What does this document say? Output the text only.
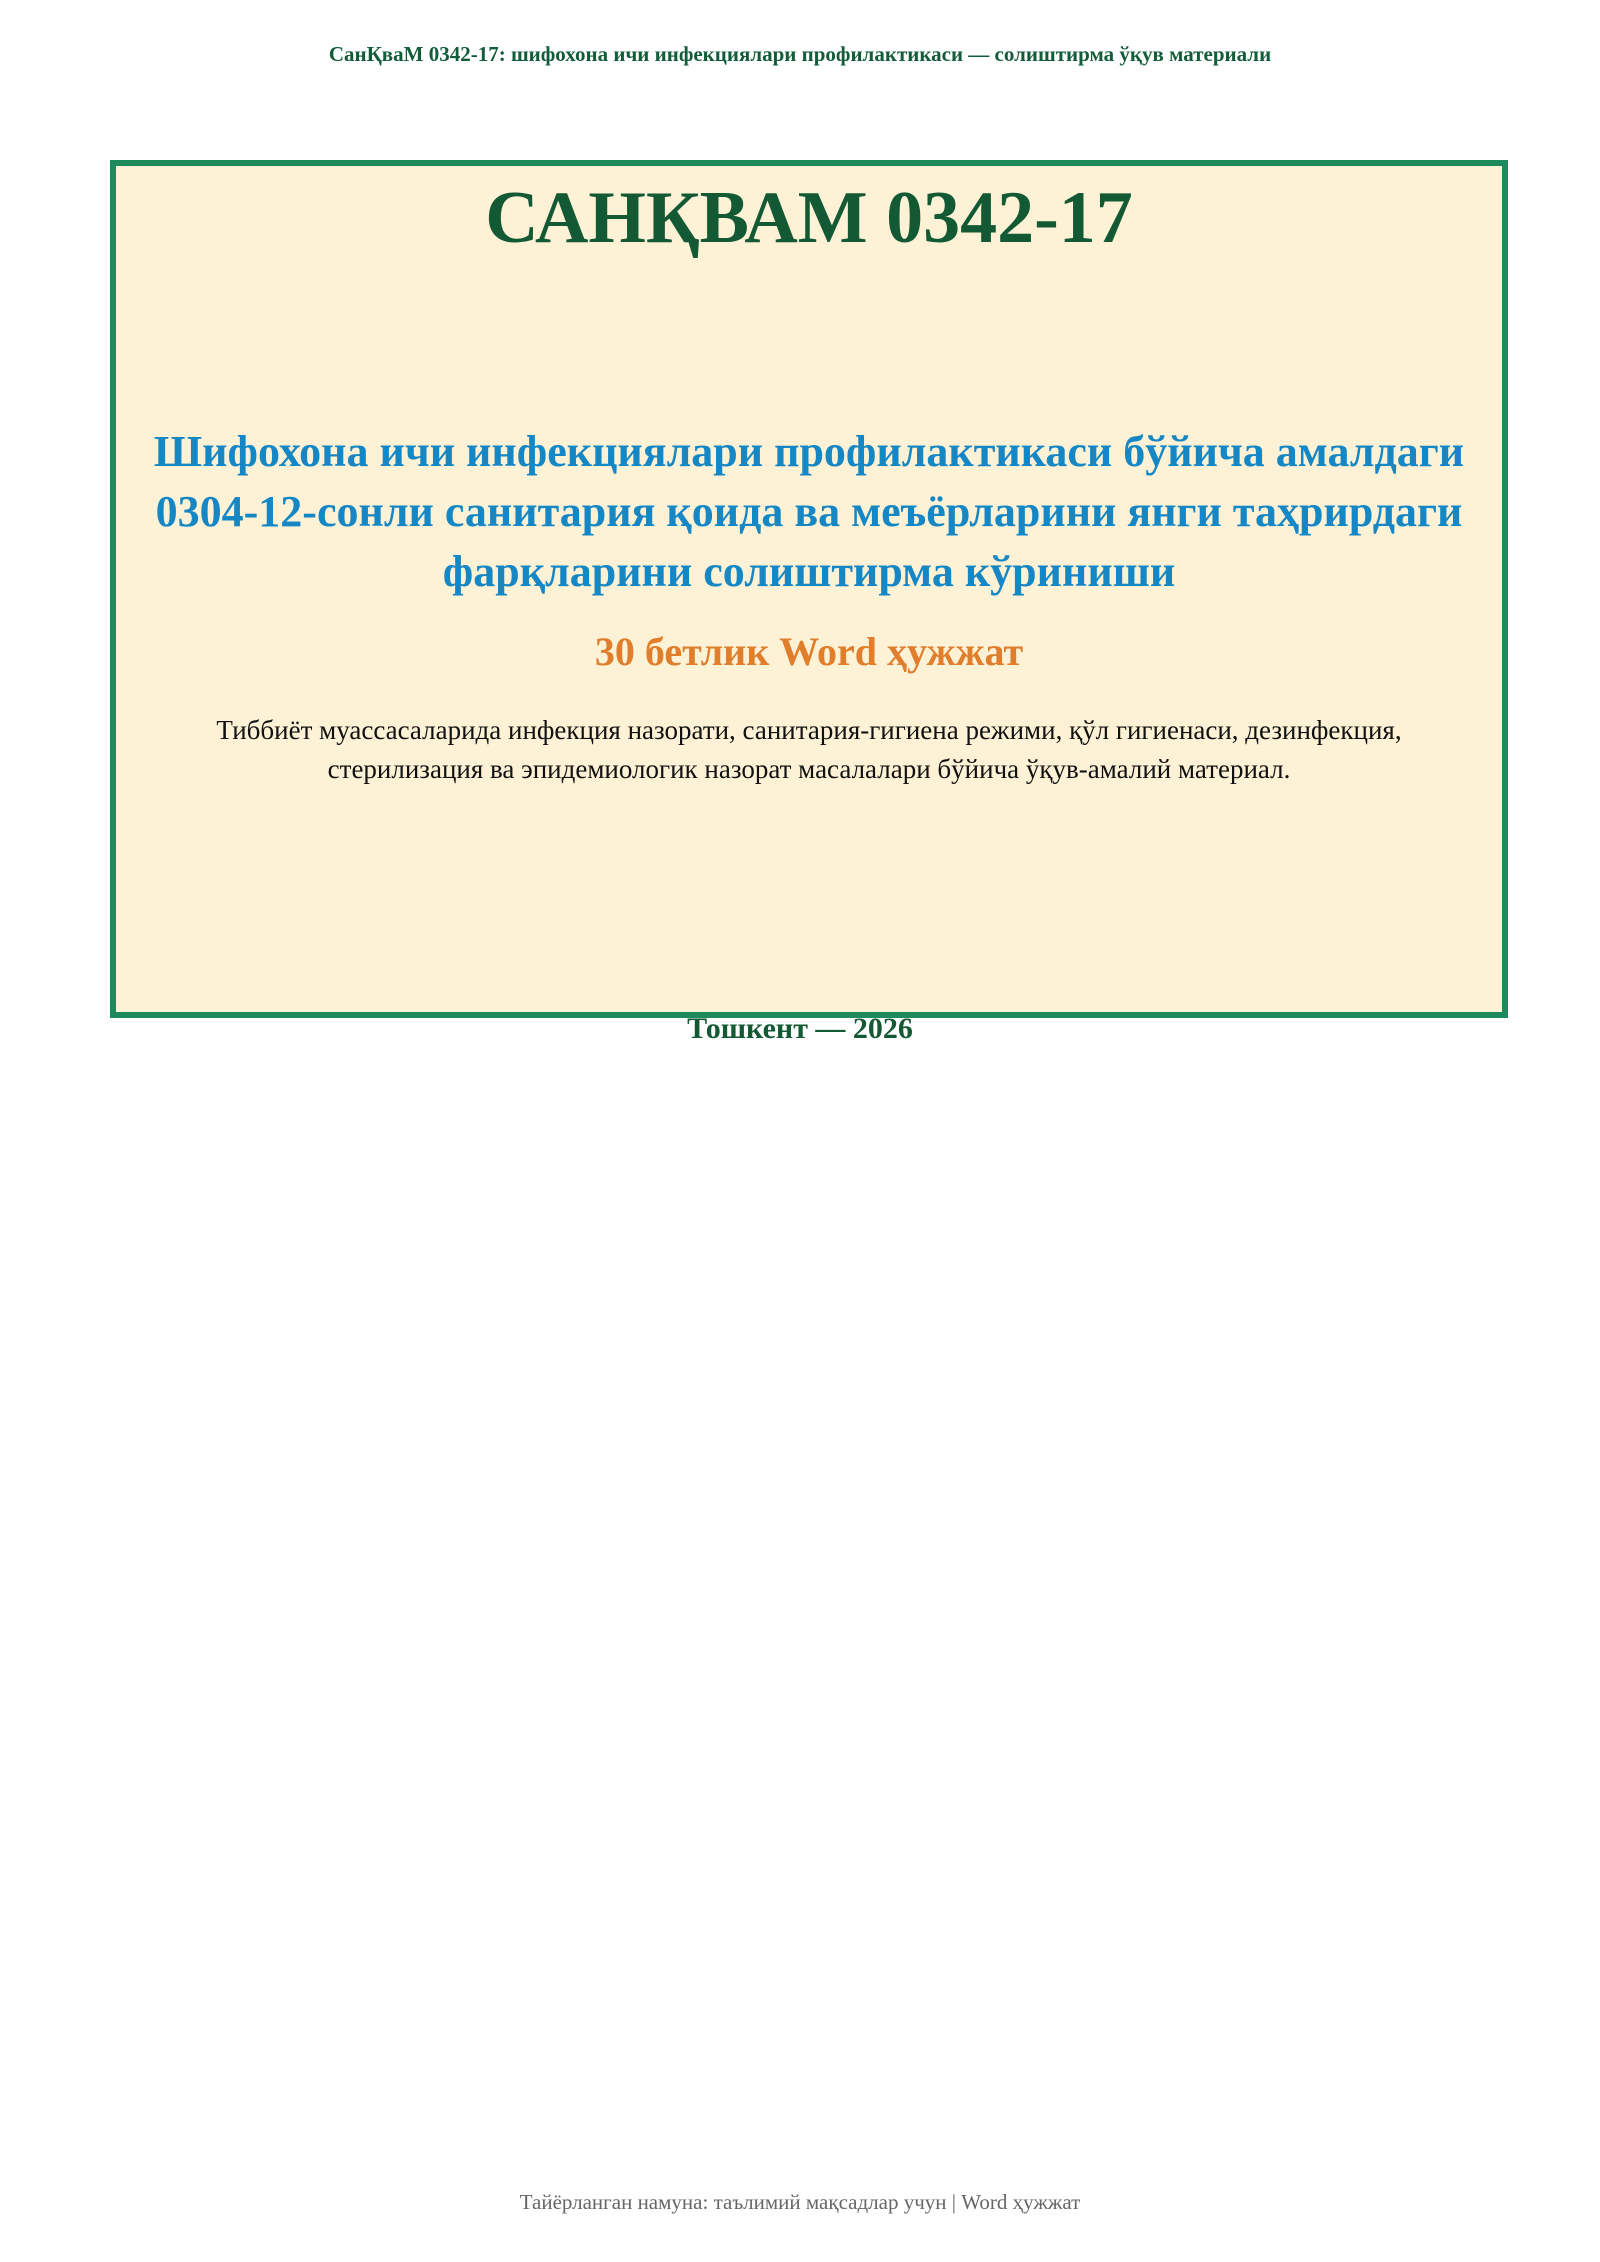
СанҚваМ 0342-17: шифохона ичи инфекциялари профилактикаси — солиштирма ўқув материали
САНҚВАМ 0342-17
Шифохона ичи инфекциялари профилактикаси бўйича амалдаги 0304-12-сонли санитария қоида ва меъёрларини янги таҳрирдаги фарқларини солиштирма кўриниши
30 бетлик Word ҳужжат
Тиббиёт муассасаларида инфекция назорати, санитария-гигиена режими, қўл гигиенаси, дезинфекция, стерилизация ва эпидемиологик назорат масалалари бўйича ўқув-амалий материал.
Тошкент — 2026
Тайёрланган намуна: таълимий мақсадлар учун | Word ҳужжат
